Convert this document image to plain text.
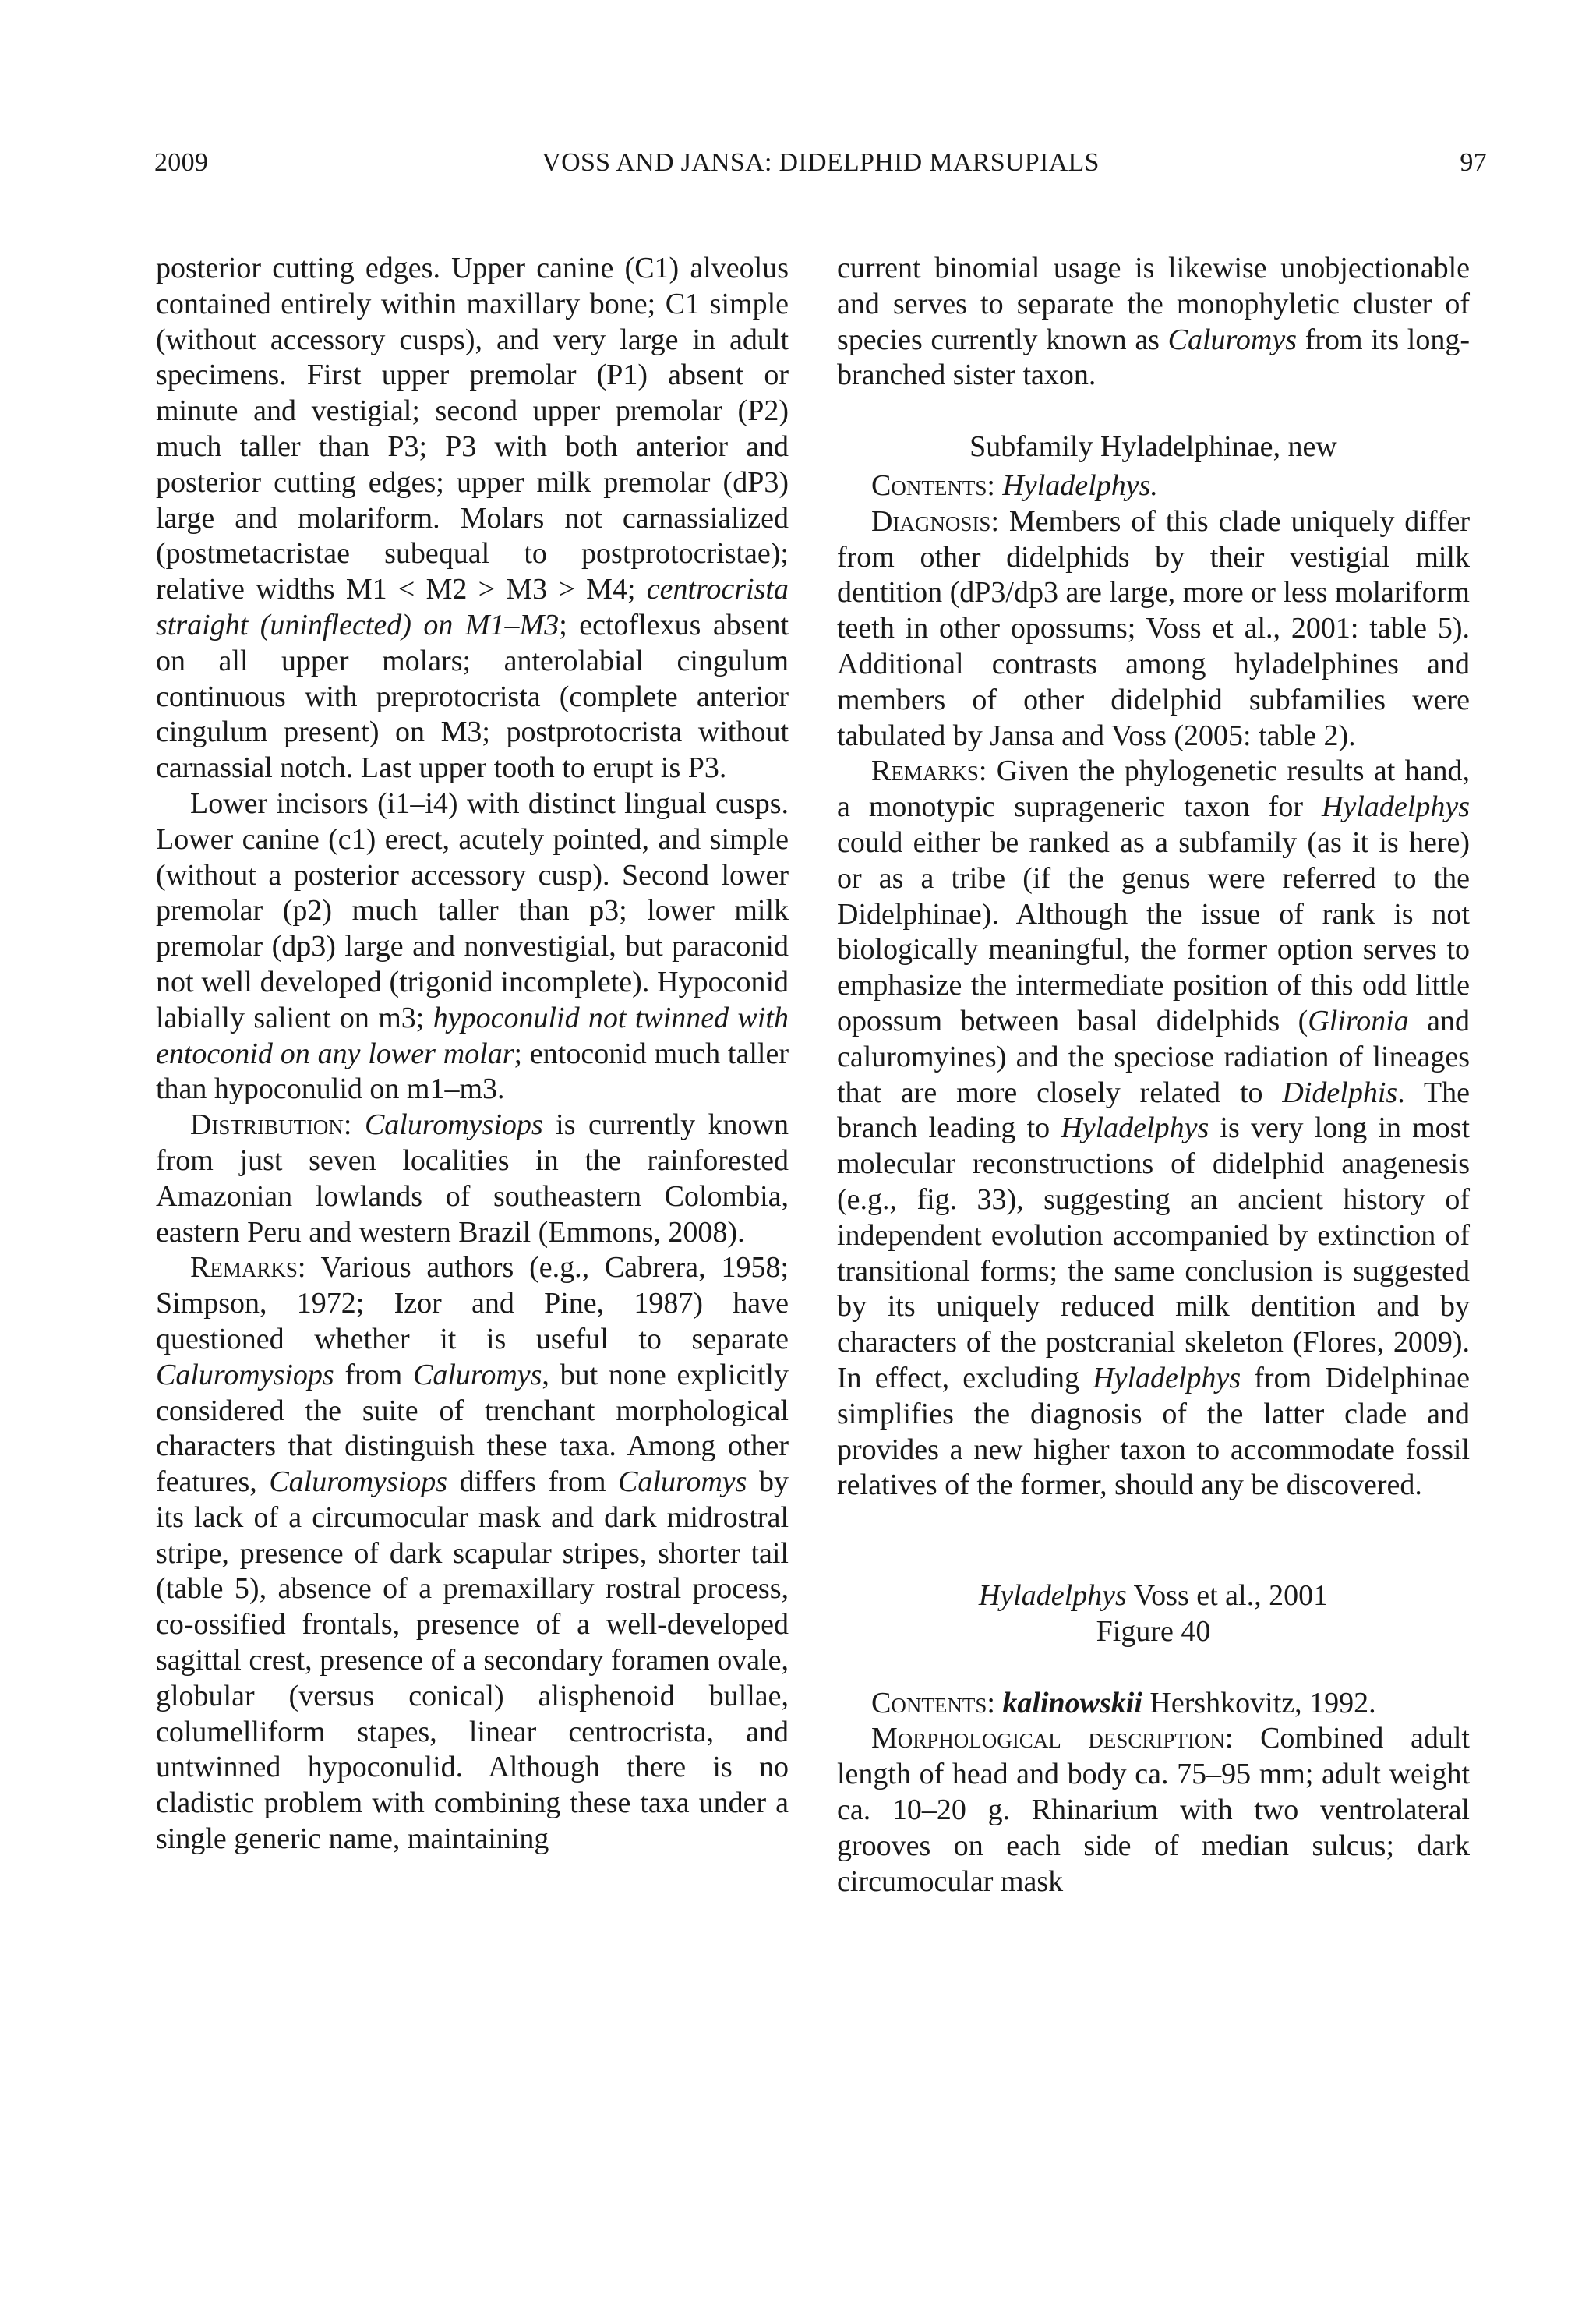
2009	VOSS AND JANSA: DIDELPHID MARSUPIALS	97

posterior cutting edges. Upper canine (C1) alveolus contained entirely within maxillary bone; C1 simple (without accessory cusps), and very large in adult specimens. First upper premolar (P1) absent or minute and vestigial; second upper premolar (P2) much taller than P3; P3 with both anterior and posterior cutting edges; upper milk premolar (dP3) large and molariform. Molars not carnassialized (postmetacristae subequal to postprotocristae); relative widths M1 < M2 > M3 > M4; centrocrista straight (uninflected) on M1–M3; ectoflexus absent on all upper molars; anterolabial cingulum continuous with preprotocrista (complete anterior cingulum present) on M3; postprotocrista without carnassial notch. Last upper tooth to erupt is P3.

Lower incisors (i1–i4) with distinct lingual cusps. Lower canine (c1) erect, acutely pointed, and simple (without a posterior accessory cusp). Second lower premolar (p2) much taller than p3; lower milk premolar (dp3) large and nonvestigial, but paraconid not well developed (trigonid incomplete). Hypoconid labially salient on m3; hypoconulid not twinned with entoconid on any lower molar; entoconid much taller than hypoconulid on m1–m3.

Distribution: Caluromysiops is currently known from just seven localities in the rainforested Amazonian lowlands of southeastern Colombia, eastern Peru and western Brazil (Emmons, 2008).

Remarks: Various authors (e.g., Cabrera, 1958; Simpson, 1972; Izor and Pine, 1987) have questioned whether it is useful to separate Caluromysiops from Caluromys, but none explicitly considered the suite of trenchant morphological characters that distinguish these taxa. Among other features, Caluromysiops differs from Caluromys by its lack of a circumocular mask and dark midrostral stripe, presence of dark scapular stripes, shorter tail (table 5), absence of a premaxillary rostral process, co-ossified frontals, presence of a well-developed sagittal crest, presence of a secondary foramen ovale, globular (versus conical) alisphenoid bullae, columelliform stapes, linear centrocrista, and untwinned hypoconulid. Although there is no cladistic problem with combining these taxa under a single generic name, maintaining

current binomial usage is likewise unobjectionable and serves to separate the monophyletic cluster of species currently known as Caluromys from its long-branched sister taxon.

Subfamily Hyladelphinae, new

Contents: Hyladelphys.

Diagnosis: Members of this clade uniquely differ from other didelphids by their vestigial milk dentition (dP3/dp3 are large, more or less molariform teeth in other opossums; Voss et al., 2001: table 5). Additional contrasts among hyladelphines and members of other didelphid subfamilies were tabulated by Jansa and Voss (2005: table 2).

Remarks: Given the phylogenetic results at hand, a monotypic suprageneric taxon for Hyladelphys could either be ranked as a subfamily (as it is here) or as a tribe (if the genus were referred to the Didelphinae). Although the issue of rank is not biologically meaningful, the former option serves to emphasize the intermediate position of this odd little opossum between basal didelphids (Glironia and caluromyines) and the speciose radiation of lineages that are more closely related to Didelphis. The branch leading to Hyladelphys is very long in most molecular reconstructions of didelphid anagenesis (e.g., fig. 33), suggesting an ancient history of independent evolution accompanied by extinction of transitional forms; the same conclusion is suggested by its uniquely reduced milk dentition and by characters of the postcranial skeleton (Flores, 2009). In effect, excluding Hyladelphys from Didelphinae simplifies the diagnosis of the latter clade and provides a new higher taxon to accommodate fossil relatives of the former, should any be discovered.

Hyladelphys Voss et al., 2001

Figure 40

Contents: kalinowskii Hershkovitz, 1992.

Morphological description: Combined adult length of head and body ca. 75–95 mm; adult weight ca. 10–20 g. Rhinarium with two ventrolateral grooves on each side of median sulcus; dark circumocular mask
